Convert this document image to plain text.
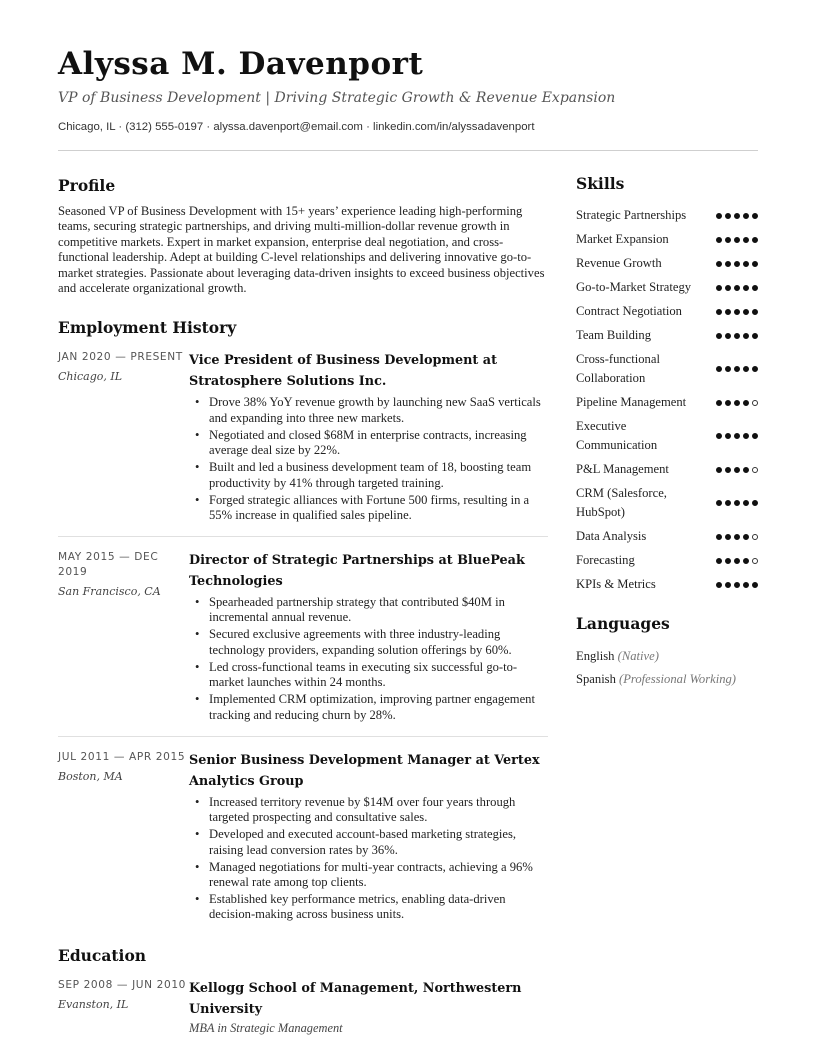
Alyssa M. Davenport
VP of Business Development | Driving Strategic Growth & Revenue Expansion
Chicago, IL · (312) 555-0197 · alyssa.davenport@email.com · linkedin.com/in/alyssadavenport
Profile

Seasoned VP of Business Development with 15+ years’ experience leading high-performing teams, securing strategic partnerships, and driving multi-million-dollar revenue growth in competitive markets. Expert in market expansion, enterprise deal negotiation, and cross-functional leadership. Adept at building C-level relationships and delivering innovative go-to-market strategies. Passionate about leveraging data-driven insights to exceed business objectives and accelerate organizational growth.

Employment History
JAN 2020 — PRESENT
Chicago, IL
Vice President of Business Development at Stratosphere Solutions Inc.
• Drove 38% YoY revenue growth by launching new SaaS verticals and expanding into three new markets.
• Negotiated and closed $68M in enterprise contracts, increasing average deal size by 22%.
• Built and led a business development team of 18, boosting team productivity by 41% through targeted training.
• Forged strategic alliances with Fortune 500 firms, resulting in a 55% increase in qualified sales pipeline.
MAY 2015 — DEC 2019
San Francisco, CA
Director of Strategic Partnerships at BluePeak Technologies
• Spearheaded partnership strategy that contributed $40M in incremental annual revenue.
• Secured exclusive agreements with three industry-leading technology providers, expanding solution offerings by 60%.
• Led cross-functional teams in executing six successful go-to-market launches within 24 months.
• Implemented CRM optimization, improving partner engagement tracking and reducing churn by 28%.
JUL 2011 — APR 2015
Boston, MA
Senior Business Development Manager at Vertex Analytics Group
• Increased territory revenue by $14M over four years through targeted prospecting and consultative sales.
• Developed and executed account-based marketing strategies, raising lead conversion rates by 36%.
• Managed negotiations for multi-year contracts, achieving a 96% renewal rate among top clients.
• Established key performance metrics, enabling data-driven decision-making across business units.
Education
SEP 2008 — JUN 2010
Evanston, IL
Kellogg School of Management, Northwestern University
MBA in Strategic Management
Skills
Strategic Partnerships
Market Expansion
Revenue Growth
Go-to-Market Strategy
Contract Negotiation
Team Building
Cross-functional Collaboration
Pipeline Management
Executive Communication
P&L Management
CRM (Salesforce, HubSpot)
Data Analysis
Forecasting
KPIs & Metrics
Languages
English (Native)
Spanish (Professional Working)
